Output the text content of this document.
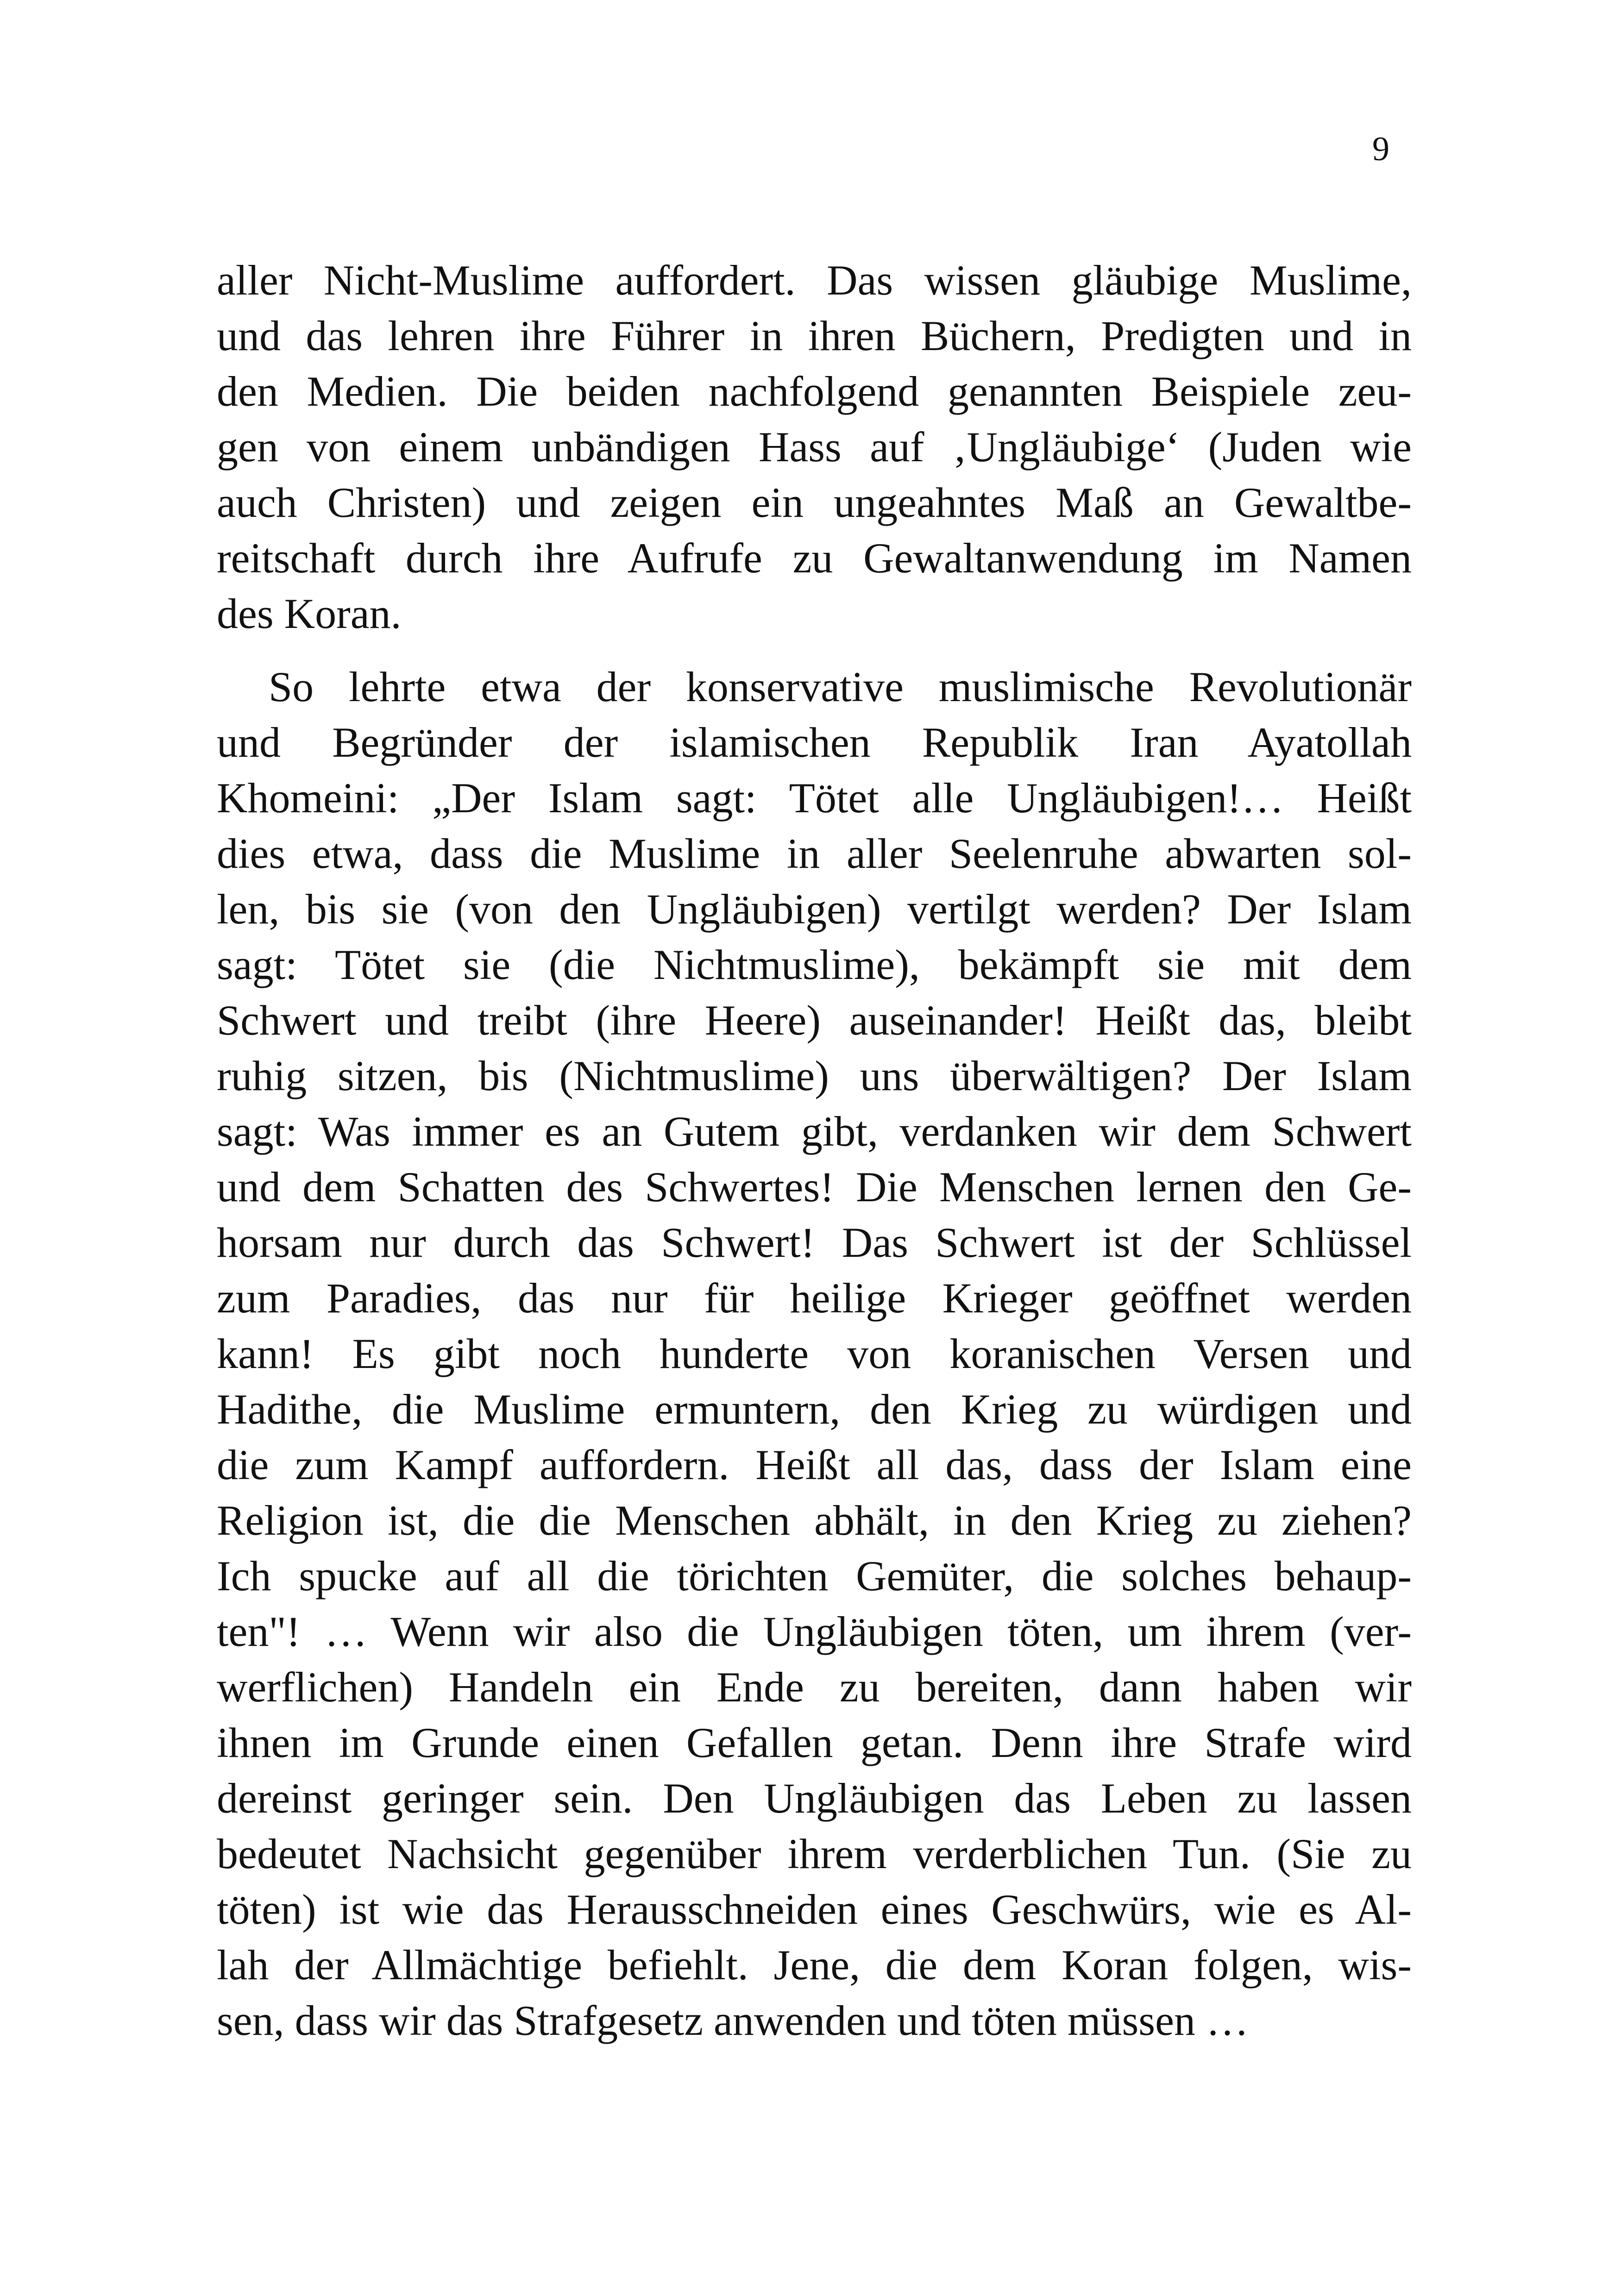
9
aller Nicht-Muslime auffordert. Das wissen gläubige Muslime,
und das lehren ihre Führer in ihren Büchern, Predigten und in
den Medien. Die beiden nachfolgend genannten Beispiele zeu-
gen von einem unbändigen Hass auf ‚Ungläubige‘ (Juden wie
auch Christen) und zeigen ein ungeahntes Maß an Gewaltbe-
reitschaft durch ihre Aufrufe zu Gewaltanwendung im Namen
des Koran.
So lehrte etwa der konservative muslimische Revolutionär
und Begründer der islamischen Republik Iran Ayatollah
Khomeini: „Der Islam sagt: Tötet alle Ungläubigen!… Heißt
dies etwa, dass die Muslime in aller Seelenruhe abwarten sol-
len, bis sie (von den Ungläubigen) vertilgt werden? Der Islam
sagt: Tötet sie (die Nichtmuslime), bekämpft sie mit dem
Schwert und treibt (ihre Heere) auseinander! Heißt das, bleibt
ruhig sitzen, bis (Nichtmuslime) uns überwältigen? Der Islam
sagt: Was immer es an Gutem gibt, verdanken wir dem Schwert
und dem Schatten des Schwertes! Die Menschen lernen den Ge-
horsam nur durch das Schwert! Das Schwert ist der Schlüssel
zum Paradies, das nur für heilige Krieger geöffnet werden
kann! Es gibt noch hunderte von koranischen Versen und
Hadithe, die Muslime ermuntern, den Krieg zu würdigen und
die zum Kampf auffordern. Heißt all das, dass der Islam eine
Religion ist, die die Menschen abhält, in den Krieg zu ziehen?
Ich spucke auf all die törichten Gemüter, die solches behaup-
ten"! … Wenn wir also die Ungläubigen töten, um ihrem (ver-
werflichen) Handeln ein Ende zu bereiten, dann haben wir
ihnen im Grunde einen Gefallen getan. Denn ihre Strafe wird
dereinst geringer sein. Den Ungläubigen das Leben zu lassen
bedeutet Nachsicht gegenüber ihrem verderblichen Tun. (Sie zu
töten) ist wie das Herausschneiden eines Geschwürs, wie es Al-
lah der Allmächtige befiehlt. Jene, die dem Koran folgen, wis-
sen, dass wir das Strafgesetz anwenden und töten müssen …
